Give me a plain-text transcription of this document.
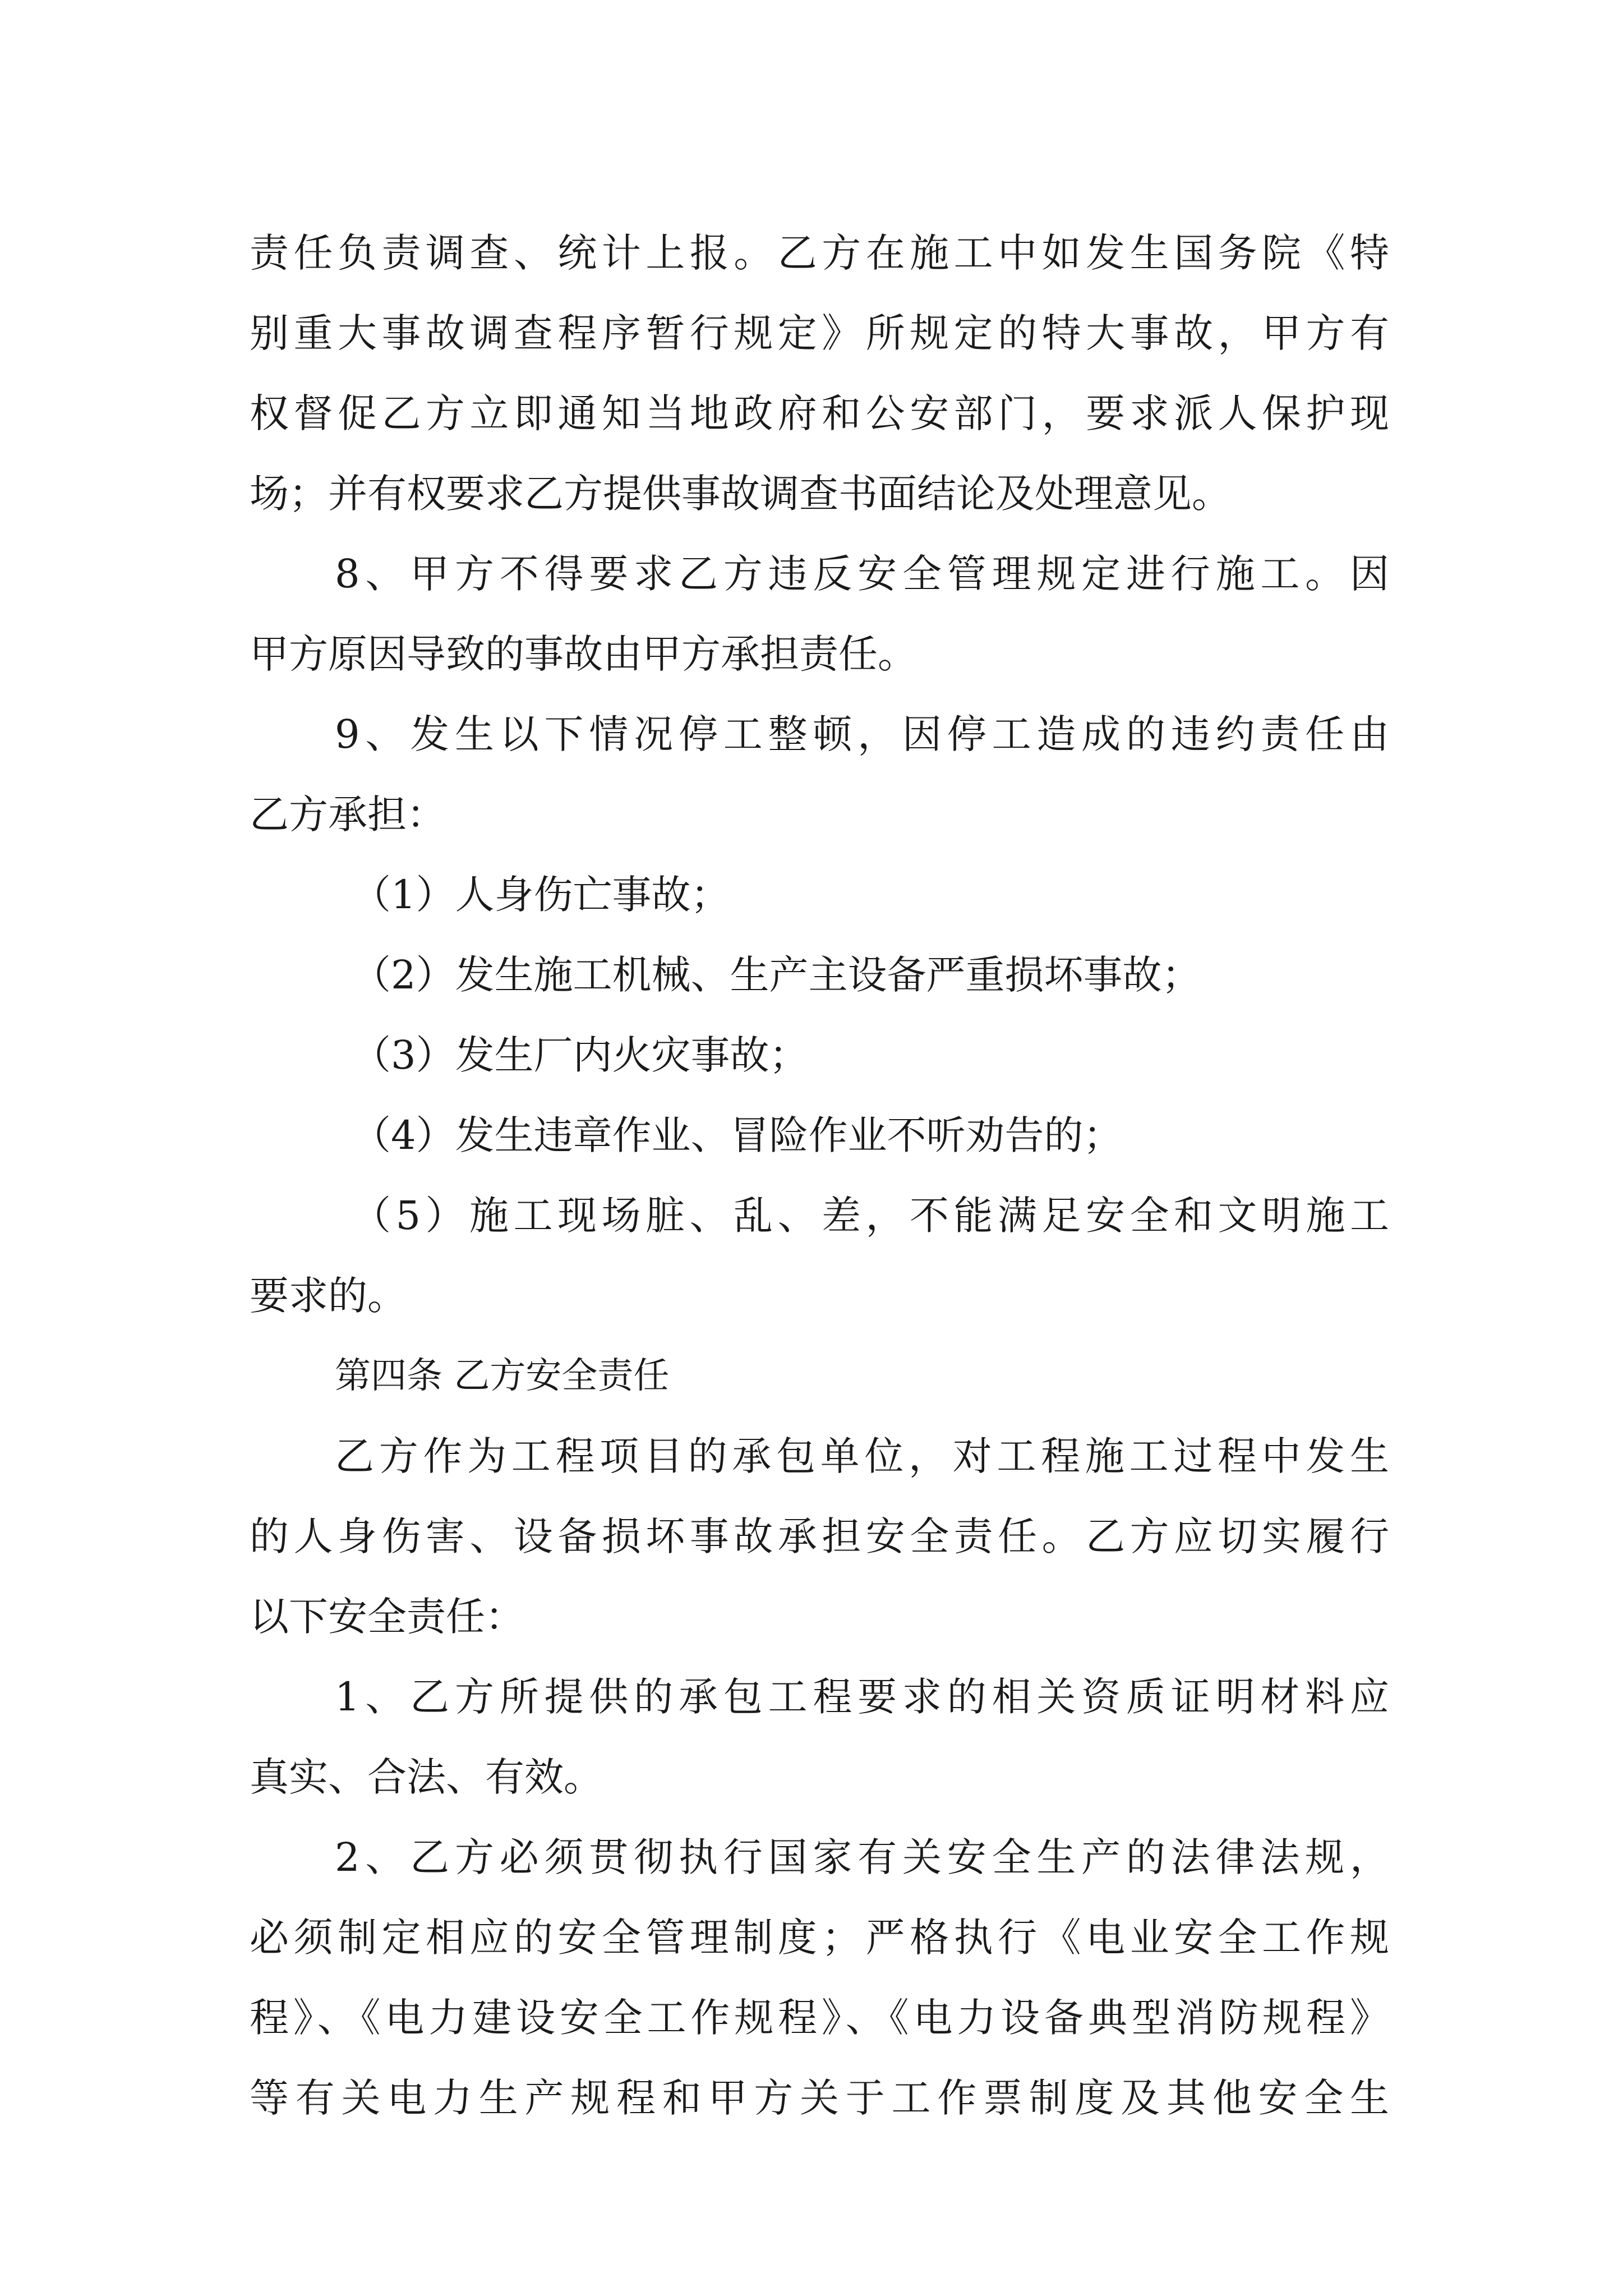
责任负责调查、统计上报。乙方在施工中如发生国务院《特
别重大事故调查程序暂行规定》所规定的特大事故，甲方有
权督促乙方立即通知当地政府和公安部门，要求派人保护现
场；并有权要求乙方提供事故调查书面结论及处理意见。
8、甲方不得要求乙方违反安全管理规定进行施工。因
甲方原因导致的事故由甲方承担责任。
9、发生以下情况停工整顿，因停工造成的违约责任由
乙方承担：
（1）人身伤亡事故；
（2）发生施工机械、生产主设备严重损坏事故；
（3）发生厂内火灾事故；
（4）发生违章作业、冒险作业不听劝告的；
（5）施工现场脏、乱、差，不能满足安全和文明施工
要求的。
第四条 乙方安全责任
乙方作为工程项目的承包单位，对工程施工过程中发生
的人身伤害、设备损坏事故承担安全责任。乙方应切实履行
以下安全责任：
1、乙方所提供的承包工程要求的相关资质证明材料应
真实、合法、有效。
2、乙方必须贯彻执行国家有关安全生产的法律法规，
必须制定相应的安全管理制度；严格执行《电业安全工作规
程》、《电力建设安全工作规程》、《电力设备典型消防规程》
等有关电力生产规程和甲方关于工作票制度及其他安全生
